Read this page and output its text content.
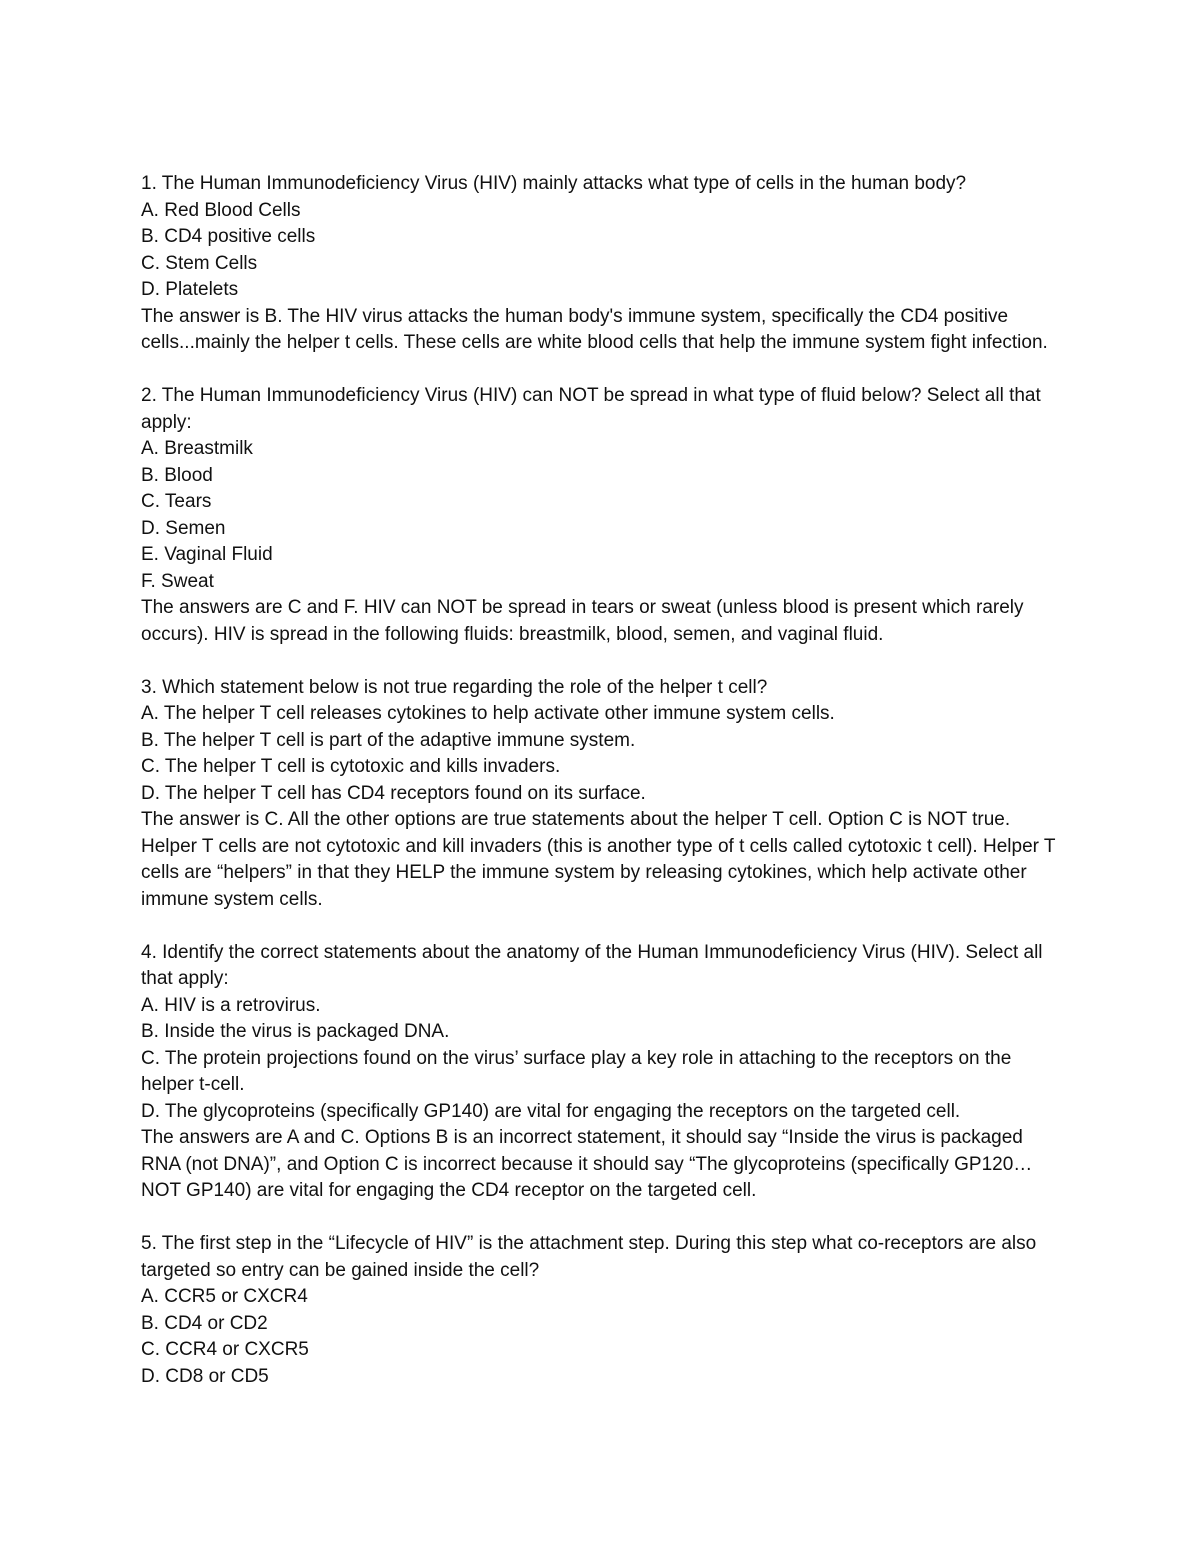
1. The Human Immunodeficiency Virus (HIV) mainly attacks what type of cells in the human body?
A. Red Blood Cells
B. CD4 positive cells
C. Stem Cells
D. Platelets
The answer is B. The HIV virus attacks the human body's immune system, specifically the CD4 positive cells...mainly the helper t cells. These cells are white blood cells that help the immune system fight infection.
2. The Human Immunodeficiency Virus (HIV) can NOT be spread in what type of fluid below? Select all that apply:
A. Breastmilk
B. Blood
C. Tears
D. Semen
E. Vaginal Fluid
F. Sweat
The answers are C and F. HIV can NOT be spread in tears or sweat (unless blood is present which rarely occurs). HIV is spread in the following fluids: breastmilk, blood, semen, and vaginal fluid.
3. Which statement below is not true regarding the role of the helper t cell?
A. The helper T cell releases cytokines to help activate other immune system cells.
B. The helper T cell is part of the adaptive immune system.
C. The helper T cell is cytotoxic and kills invaders.
D. The helper T cell has CD4 receptors found on its surface.
The answer is C. All the other options are true statements about the helper T cell. Option C is NOT true. Helper T cells are not cytotoxic and kill invaders (this is another type of t cells called cytotoxic t cell). Helper T cells are “helpers” in that they HELP the immune system by releasing cytokines, which help activate other immune system cells.
4. Identify the correct statements about the anatomy of the Human Immunodeficiency Virus (HIV). Select all that apply:
A. HIV is a retrovirus.
B. Inside the virus is packaged DNA.
C. The protein projections found on the virus’ surface play a key role in attaching to the receptors on the helper t-cell.
D. The glycoproteins (specifically GP140) are vital for engaging the receptors on the targeted cell.
The answers are A and C. Options B is an incorrect statement, it should say “Inside the virus is packaged RNA (not DNA)”, and Option C is incorrect because it should say “The glycoproteins (specifically GP120… NOT GP140) are vital for engaging the CD4 receptor on the targeted cell.
5. The first step in the “Lifecycle of HIV” is the attachment step. During this step what co-receptors are also targeted so entry can be gained inside the cell?
A. CCR5 or CXCR4
B. CD4 or CD2
C. CCR4 or CXCR5
D. CD8 or CD5
